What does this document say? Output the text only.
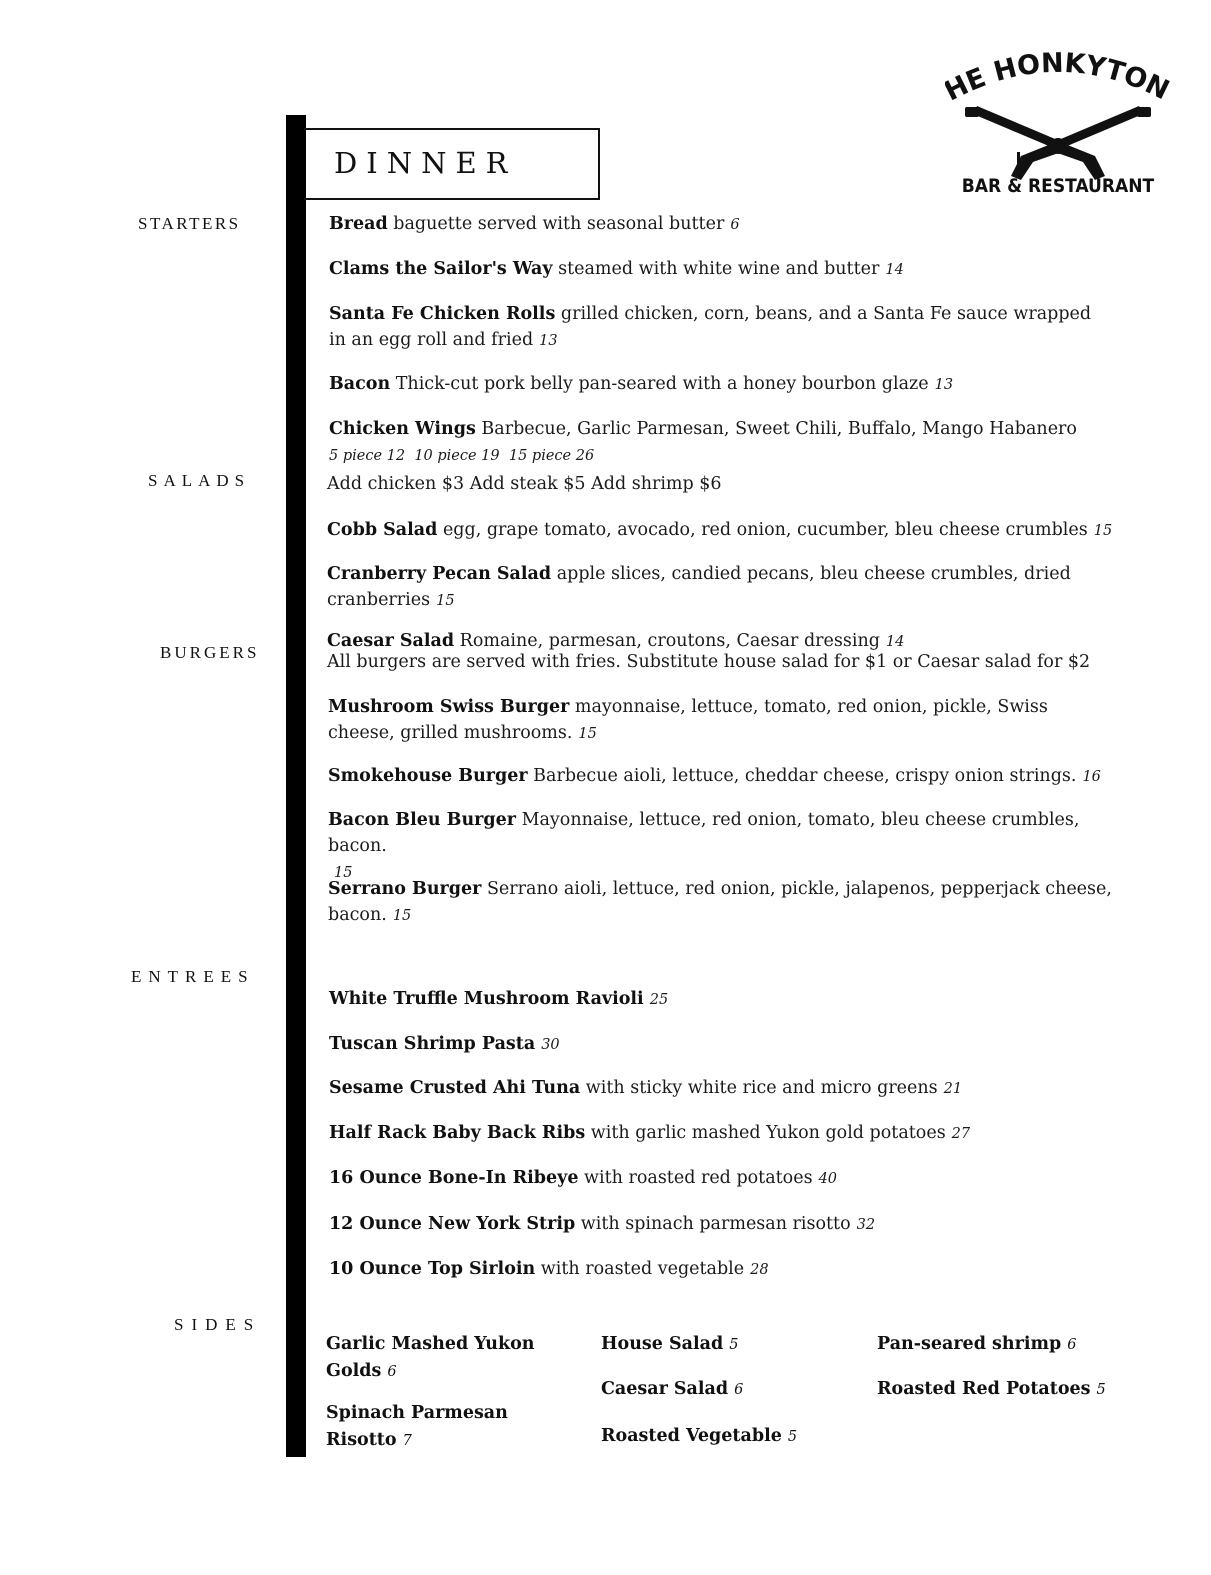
E HONKYTON
BAR & RESTAURANT
DINNER
STARTERS
SALADS
BURGERS
ENTREES
SIDES
Bread baguette served with seasonal butter 6
Clams the Sailor's Way steamed with white wine and butter 14
Santa Fe Chicken Rolls grilled chicken, corn, beans, and a Santa Fe sauce wrapped in an egg roll and fried 13
Bacon Thick-cut pork belly pan-seared with a honey bourbon glaze 13
Chicken Wings Barbecue, Garlic Parmesan, Sweet Chili, Buffalo, Mango Habanero
5 piece 12  10 piece 19  15 piece 26
Add chicken $3 Add steak $5 Add shrimp $6
Cobb Salad egg, grape tomato, avocado, red onion, cucumber, bleu cheese crumbles 15
Cranberry Pecan Salad apple slices, candied pecans, bleu cheese crumbles, dried cranberries 15
Caesar Salad Romaine, parmesan, croutons, Caesar dressing 14
All burgers are served with fries. Substitute house salad for $1 or Caesar salad for $2
Mushroom Swiss Burger mayonnaise, lettuce, tomato, red onion, pickle, Swiss cheese, grilled mushrooms. 15
Smokehouse Burger Barbecue aioli, lettuce, cheddar cheese, crispy onion strings. 16
Bacon Bleu Burger Mayonnaise, lettuce, red onion, tomato, bleu cheese crumbles, bacon.
15
Serrano Burger Serrano aioli, lettuce, red onion, pickle, jalapenos, pepperjack cheese, bacon. 15
White Truffle Mushroom Ravioli 25
Tuscan Shrimp Pasta 30
Sesame Crusted Ahi Tuna with sticky white rice and micro greens 21
Half Rack Baby Back Ribs with garlic mashed Yukon gold potatoes 27
16 Ounce Bone-In Ribeye with roasted red potatoes 40
12 Ounce New York Strip with spinach parmesan risotto 32
10 Ounce Top Sirloin with roasted vegetable 28
Garlic Mashed Yukon Golds 6
Spinach Parmesan Risotto 7
House Salad 5
Caesar Salad 6
Roasted Vegetable 5
Pan-seared shrimp 6
Roasted Red Potatoes 5
